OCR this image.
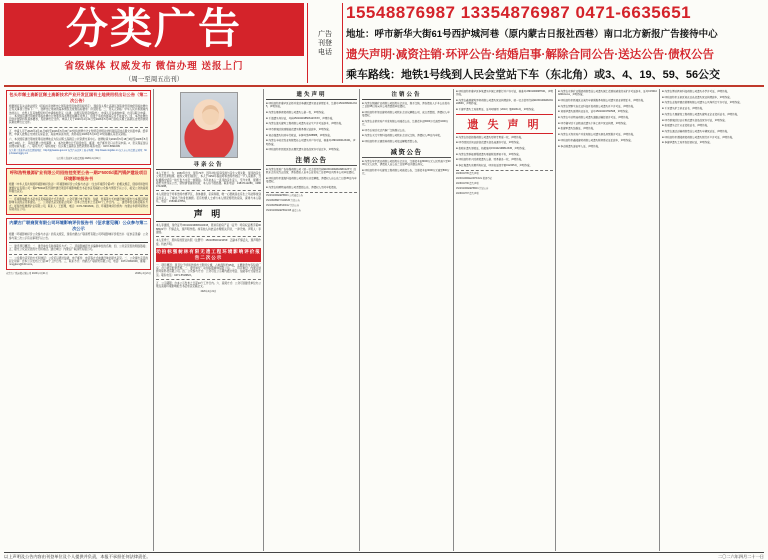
分类广告
省级媒体 权威发布 微信办理 送报上门
（周一至周五出刊）
广告
刊登
电话
15548876987 13354876987 0471-6635651
地址：呼市新华大街61号西护城河巷（原内蒙古日报社西巷）南口北方新报广告接待中心
遗失声明·减资注销·环评公告·结婚启事·解除合同公告·送达公告·债权公告
乘车路线：地铁1号线到人民会堂站下车（东北角）或3、4、19、59、56公交
包头市稀土高新区稀土高新技术产业开发区国有土地使用权出让公告（第二次公告）
根据国家有关法律法规及《招标拍卖挂牌出让国有建设用地使用权规定》，现将包头稀土高新区国有建设用地使用权挂牌出让有关事项公告如下：一、挂牌出让地块的基本情况及规划指标要求：详见附表。二、竞买人资格：中华人民共和国境内外的法人、自然人及其他组织均可申请参加竞买（法律、法规另有规定的除外），申请人可以单独申请，也可以联合申请。三、本次国有建设用地使用权挂牌出让按照价高者得原则确定竞得人，但低于底价的最高应价不能成交。四、本次挂牌出让的详细资料和具体要求，见挂牌出让文件。申请人可于2026年4月21日至2026年5月15日到包头稀土高新区自然资源局获取挂牌出让文件。
五、申请人可于2026年4月21日9时至2026年5月15日17时持挂牌出让文件规定的相关材料到指定地点提交书面申请。经审核，申请人按规定交纳竞买保证金，具备申请条件的，我局将在2026年5月16日17时前确认其竞买资格。
六、本次国有建设用地使用权挂牌地点为包头稀土高新区公共资源交易中心。挂牌时间为2026年5月18日9时至2026年5月28日10时。七、其他需要公告的事项：1、本次挂牌出让不接受电话、邮寄、电子邮件及口头竞买申请。2、竞买保证金以到账时间为准。八、联系方式：联系地址：包头稀土高新区自然资源局 联系电话：0472-5991609
包头稀土高新区自然资源局网站：http://gtj.baotou.gov.cn/ 内蒙古自治区土地市场网：http://www.nmgtdsc.cn 包头市公共资源交易网：http://www.btggzy.cn/
包头稀土高新区自然资源局 2026年4月21日
呼和浩特晟源矿业有限公司招拍挂变更公告一期2*500t/d蒸汽锅炉建设项目环境影响报告书
根据《中华人民共和国环境影响评价法》《环境影响评价公众参与办法》（生态环境部令第4号）的相关规定，现将呼和浩特晟源矿业有限公司一期2*500t/d蒸汽锅炉建设项目环境影响报告书征求意见稿的公众参与情况予以公示，接受公众的查阅和提出意见。
一、环境影响报告书征求意见稿查阅方式及途径：公众可通过电子邮件、信函、传真等方式向建设单位提出与本项目环境影响有关的意见和建议。二、公众提出意见的起止时间：自本公告发布之日起10个工作日内。三、建设单位名称及联系方式：呼和浩特晟源矿业有限公司，联系人：王经理，电话：0471-5991609。四、环境影响评价机构：内蒙古华源环保科技有限责任公司。
内蒙古广联商贸有限公司环境影响评价报告书（征求意见稿）公众参与第二次公示
根据《环境影响评价公众参与办法》的有关规定，现将内蒙古广联商贸有限公司环境影响评价报告书（征求意见稿）公众参与第二次公示有关事项予以公告。
一、建设项目概况；二、建设单位名称和联系方式；三、环境影响报告书编制单位的名称；四、公众意见表的网络链接；五、提交公众意见表的方式和途径。建设单位：内蒙古广联商贸有限公司。
一、公众提出意见的方式和途径：公众可以通过信函、电子邮件、电话等方式向建设单位提出意见。二、公众提出意见的起止时间：自本公示发布之日起10个工作日内。三、联系方式：内蒙古广联商贸有限公司，电话：0471-5991609，邮箱：nmgglsm@163.com。
内蒙古广联商贸有限公司 2026年4月21日	2026年4月21日
寻亲公告
本人王桂兰，女，1953年出生，现年73岁，因年幼时家庭变故与亲生父母失散，现寻找亲生父母及兄弟姐妹。据养父母生前回忆，本人于1954年春由呼和浩特市郊区一户人家抱养，当时襁褓中留有一块红色方巾及一枚铜钱。多年来本人一直寻找亲生家人，至今未果，现通过报纸刊登寻亲公告，望知情者提供线索，本人将不胜感激。联系电话：13847112289，13804712288。
本人现居住于呼和浩特市赛罕区，身体健康，家庭和睦，唯一心愿就是在有生之年能够找到亲生家人，了解自己的身世渊源。若有知情人士或与本人情况相符的家庭，请速与本人联系，电话：15849127853。
声 明
本人李建国，身份证号150102196808140915，原持有的房产证（证号：呼房权证赛字第0088321号）不慎丢失，现声明作废。如有他人持此证办理相关手续，一律无效。声明人：李建国。
本人张秀兰，原持有的营业执照（注册号：150105600123456）正副本不慎丢失，现声明作废。特此声明。
动拍标强树林有限无遗工程环境影响评价报告二次公示
一、项目概况：项目位于呼和浩特市土默特左旗，占地面积约35亩，主要建设内容包括厂房、办公楼及配套设施。二、建设单位：动拍标强树林有限公司。三、环评单位：内蒙古绿源环保科技有限公司。四、公众参与方式：公众可在公示期内通过电话、信函等方式提出意见。联系电话：0471-5518822。
五、公示期限：自本公示发布之日起10个工作日内。六、查阅方式：公众可到建设单位办公地点查阅环境影响报告书征求意见稿全文。
2026年4月21日
遗失声明
● 呼和浩特市赛罕区金桥开发区李建民遗失营业执照正本，注册号15010560012345，声明作废。
● 内蒙古鼎泰商贸有限公司遗失公章一枚，声明作废。
● 王海遗失身份证，号码15010219850612XXXX，声明作废。
● 内蒙古蓝天建筑工程有限公司遗失安全生产许可证副本，声明作废。
● 呼市新城区张丽服装店遗失税务登记证副本，声明作废。
● 刘志强遗失机动车行驶证，车牌号蒙A88888，声明作废。
● 内蒙古丰收农牧业有限责任公司遗失开户许可证，核准号J3901000123401，声明作废。
● 呼和浩特市回民区赵氏餐饮遗失食品经营许可证正本，声明作废。
注销公告
● 内蒙古星辰广告传媒有限公司（统一社会信用代码91150100MA0ABC12XY）经股东会决议终止经营，请各债权人自本公告发布之日起45日内到本公司申报债权。
● 呼和浩特市蓝海科技有限公司经股东决定解散，请债权人自公告之日起45日内申报债权。
● 内蒙古和顺物流有限公司清算组公告，请债权人及时申报债权。
1522310MADEHB001 公司减资公告
15219628MFY3442630 注销公告
15219625MABNF0012 注销公告
1522310MADEHB12345 减资公告
注销公告
● 内蒙古银峰矿业有限公司经股东会决议，现予注销，请各债权人于本公告发布之日起45日内向本公司清算组申报债权。
● 呼和浩特市旭日建材有限公司股东会决议解散公司，成立清算组，请债权人申报债权。
● 内蒙古金桥房地产开发有限公司减资公告，注册资本由5000万元减至1000万元。
● 呼市玉泉区宏达汽修厂注销登记公告。
● 内蒙古天元生物科技有限公司股东会决议注销，请债权人45日内申报。
● 呼和浩特市万通贸易有限公司依法解散清算公告。
减资公告
● 内蒙古华宇置业有限公司经股东会决议，注册资本由8000万元人民币减少至2000万元人民币，请债权人自公告之日起45日内提出异议。
● 呼和浩特市中天建设工程有限公司减资公告，注册资本由3000万元减至800万元。
● 呼和浩特市赛罕区李某遗失中国工商银行开户许可证，核准号J3901000987601，声明作废。
● 内蒙古鑫源建筑劳务有限公司遗失营业执照副本，统一社会信用代码91150100MA0N12AB3C，声明作废。
● 王建平遗失土地使用证，证号呼国用（2010）第00231号，声明作废。
遗 失 声 明
● 内蒙古恒信担保有限公司遗失财务专用章一枚，声明作废。
● 呼市回民区刘氏副食店遗失食品流通许可证，声明作废。
● 张晓东遗失驾驶证，档案编号150102198812345，声明作废。
● 内蒙古蒙泰能源集团遗失增值税发票若干份，声明作废。
● 呼和浩特市兴旺商贸遗失公章、财务章各一枚，声明作废。
● 李红梅遗失房屋所有权证，呼房权证回字第012345号，声明作废。
2026041795 遗失声明
2023012MAMeNFHKAXL 税务登记
2026041796 遗失声明
1522310MADEHB001 注销公告
2026041797 遗失声明
● 内蒙古宏泰矿业集团有限责任公司遗失国土资源局颁发的采矿许可证副本，证号C1501002010xxxx，声明作废。
● 呼和浩特市新城区众诚汽车销售服务有限公司遗失营业执照正本，声明作废。
● 内蒙古绿野生态农业科技开发有限公司遗失开户许可证，声明作废。
● 刘丽华遗失医师执业证书，证号15010219760508，声明作废。
● 内蒙古中远物流有限公司遗失道路运输经营许可证，声明作废。
● 呼市赛罕区王氏粮油店遗失个体工商户营业执照，声明作废。
● 张建军遗失结婚证，声明作废。
● 内蒙古天利房地产开发有限公司遗失商品房预售许可证，声明作废。
● 呼和浩特市鑫隆建材有限公司遗失税务登记证正副本，声明作废。
● 李志刚遗失退伍军人证，声明作废。
● 内蒙古博远教育科技有限公司遗失办学许可证，声明作废。
● 呼和浩特市玉泉区刘氏日杂店遗失营业执照副本，声明作废。
● 内蒙古金海岸酒店管理有限公司遗失公共场所卫生许可证，声明作废。
● 王芳遗失护士执业证书，声明作废。
● 内蒙古九鼎建设工程有限公司遗失建筑业企业资质证书，声明作废。
● 呼市新城区赵氏水果店遗失食品经营许可证，声明作废。
● 张丽遗失会计从业资格证书，声明作废。
● 内蒙古通达运输有限责任公司遗失车辆营运证，声明作废。
● 呼和浩特市德隆商贸有限公司遗失银行开户许可证，声明作废。
● 李建华遗失土地承包经营权证，声明作废。
以上声明及公告内容由刊登单位及个人提供并负责，本报不承担任何法律责任。	二〇二六年四月二十一日
